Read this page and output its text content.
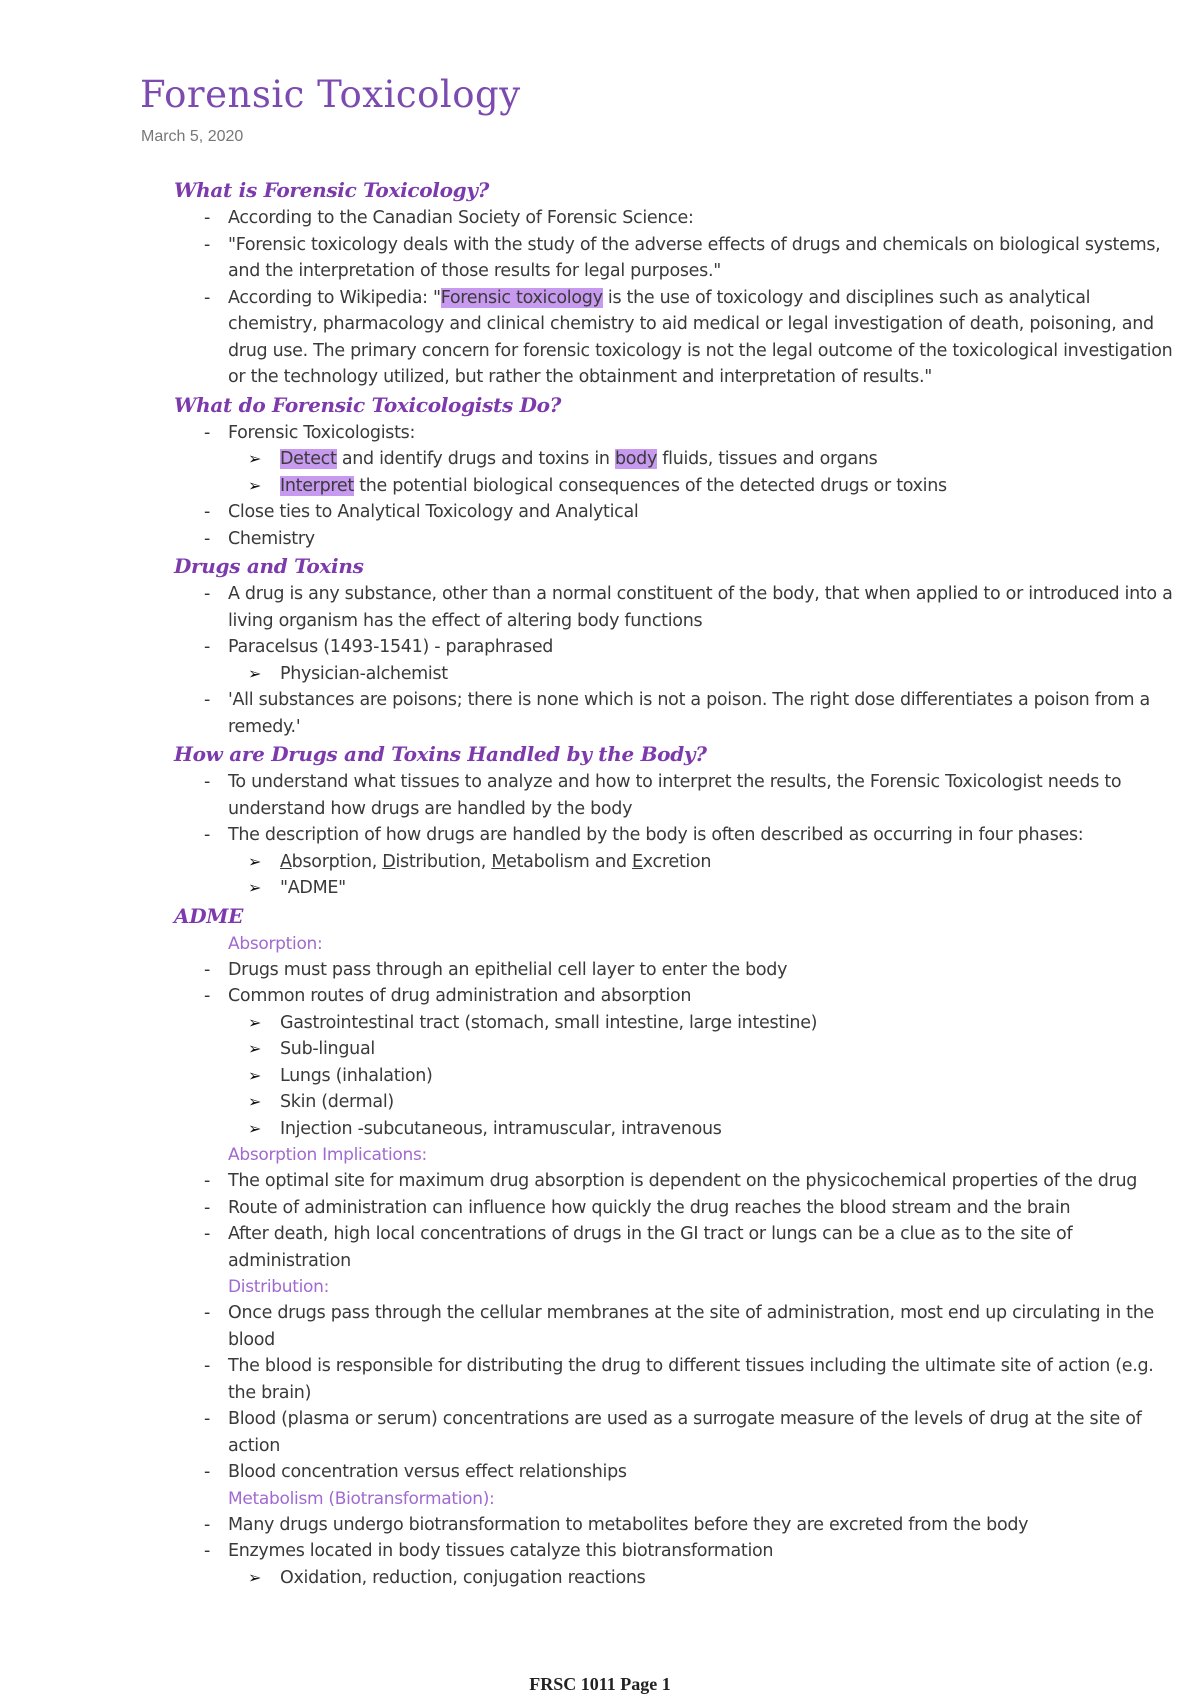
Forensic Toxicology
March 5, 2020
What is Forensic Toxicology?
- According to the Canadian Society of Forensic Science:
- "Forensic toxicology deals with the study of the adverse effects of drugs and chemicals on biological systems, and the interpretation of those results for legal purposes."
- According to Wikipedia: "Forensic toxicology is the use of toxicology and disciplines such as analytical chemistry, pharmacology and clinical chemistry to aid medical or legal investigation of death, poisoning, and drug use. The primary concern for forensic toxicology is not the legal outcome of the toxicological investigation or the technology utilized, but rather the obtainment and interpretation of results."
What do Forensic Toxicologists Do?
- Forensic Toxicologists:
➢ Detect and identify drugs and toxins in body fluids, tissues and organs
➢ Interpret the potential biological consequences of the detected drugs or toxins
- Close ties to Analytical Toxicology and Analytical
- Chemistry
Drugs and Toxins
- A drug is any substance, other than a normal constituent of the body, that when applied to or introduced into a living organism has the effect of altering body functions
- Paracelsus (1493-1541) - paraphrased
➢ Physician-alchemist
- 'All substances are poisons; there is none which is not a poison. The right dose differentiates a poison from a remedy.'
How are Drugs and Toxins Handled by the Body?
- To understand what tissues to analyze and how to interpret the results, the Forensic Toxicologist needs to understand how drugs are handled by the body
- The description of how drugs are handled by the body is often described as occurring in four phases:
➢ Absorption, Distribution, Metabolism and Excretion
➢ "ADME"
ADME
Absorption:
- Drugs must pass through an epithelial cell layer to enter the body
- Common routes of drug administration and absorption
➢ Gastrointestinal tract (stomach, small intestine, large intestine)
➢ Sub-lingual
➢ Lungs (inhalation)
➢ Skin (dermal)
➢ Injection -subcutaneous, intramuscular, intravenous
Absorption Implications:
- The optimal site for maximum drug absorption is dependent on the physicochemical properties of the drug
- Route of administration can influence how quickly the drug reaches the blood stream and the brain
- After death, high local concentrations of drugs in the GI tract or lungs can be a clue as to the site of administration
Distribution:
- Once drugs pass through the cellular membranes at the site of administration, most end up circulating in the blood
- The blood is responsible for distributing the drug to different tissues including the ultimate site of action (e.g. the brain)
- Blood (plasma or serum) concentrations are used as a surrogate measure of the levels of drug at the site of action
- Blood concentration versus effect relationships
Metabolism (Biotransformation):
- Many drugs undergo biotransformation to metabolites before they are excreted from the body
- Enzymes located in body tissues catalyze this biotransformation
➢ Oxidation, reduction, conjugation reactions
FRSC 1011 Page 1
